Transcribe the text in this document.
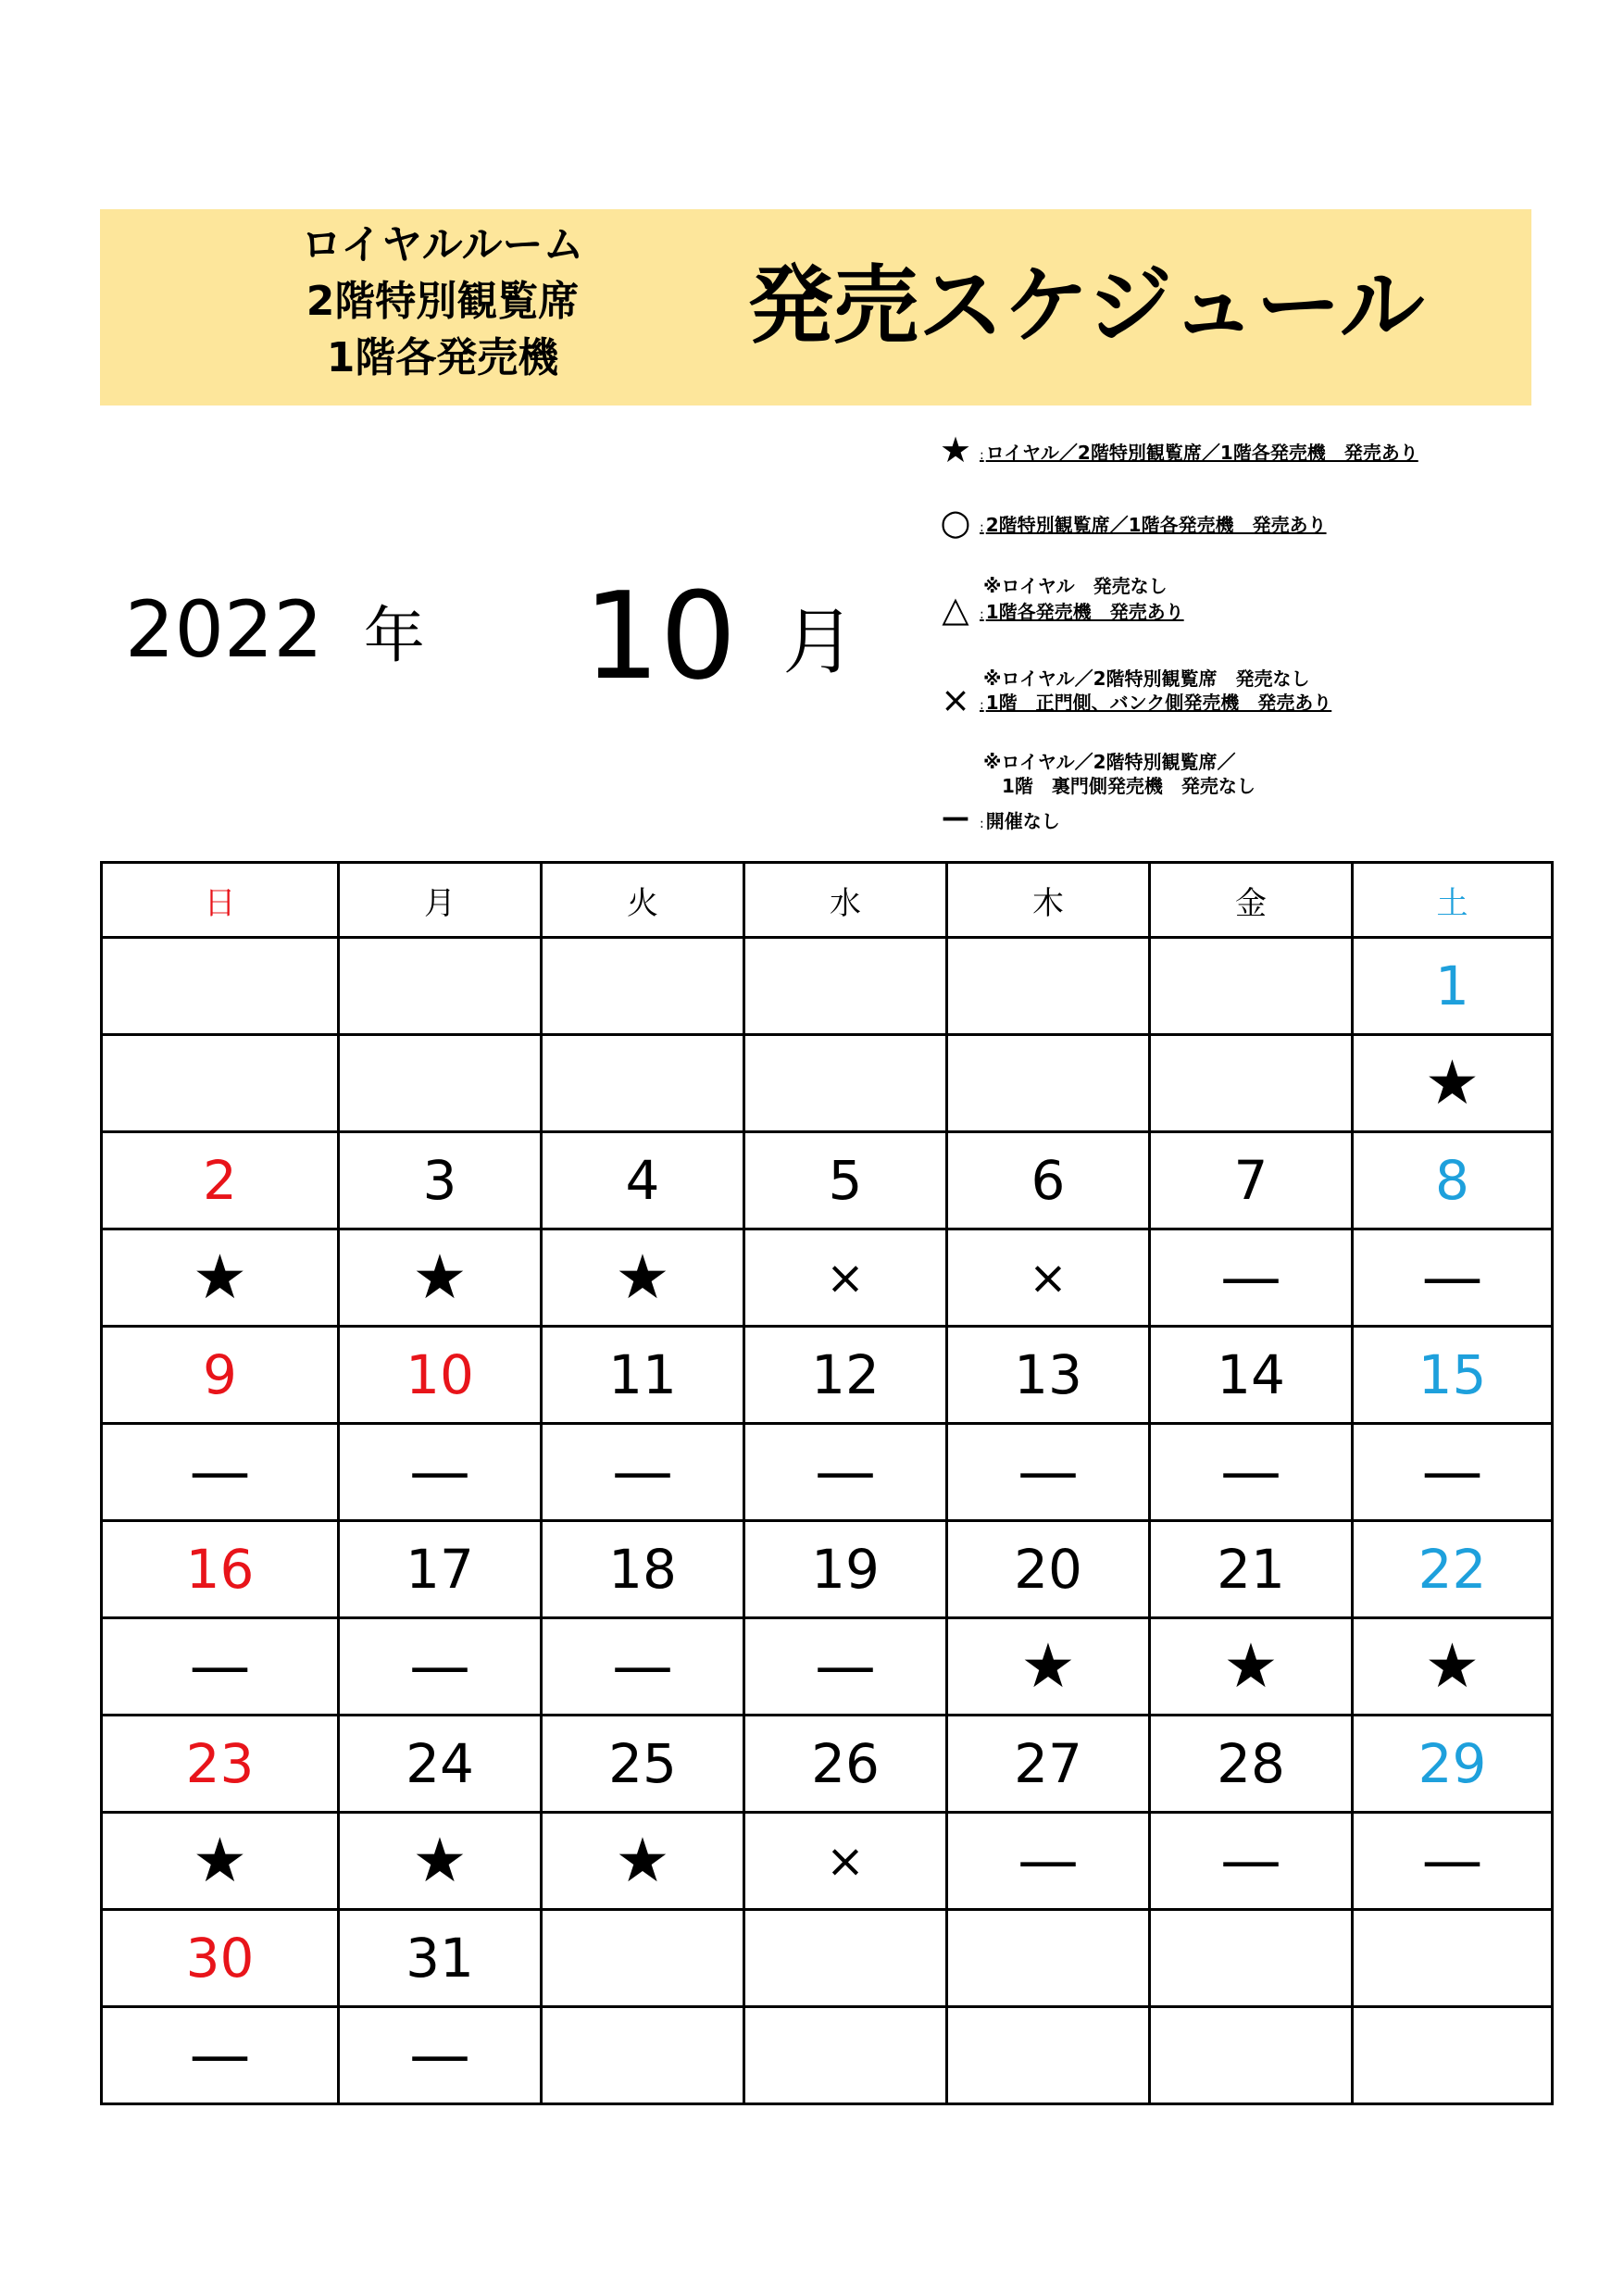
ロイヤルルーム
2階特別観覧席
1階各発売機
発売スケジュール
2022 年 10 月
★ : ロイヤル／2階特別観覧席／1階各発売機　発売あり
○ : 2階特別観覧席／1階各発売機　発売あり
※ロイヤル　発売なし
△ : 1階各発売機　発売あり
※ロイヤル／2階特別観覧席　発売なし
× : 1階　正門側、バンク側発売機　発売あり
※ロイヤル／2階特別観覧席／
　1階　裏門側発売機　発売なし
— : 開催なし
日	月	火	水	木	金	土
						1
						★
2	3	4	5	6	7	8
★	★	★	×	×	—	—
9	10	11	12	13	14	15
—	—	—	—	—	—	—
16	17	18	19	20	21	22
—	—	—	—	★	★	★
23	24	25	26	27	28	29
★	★	★	×	—	—	—
30	31					
—	—					
